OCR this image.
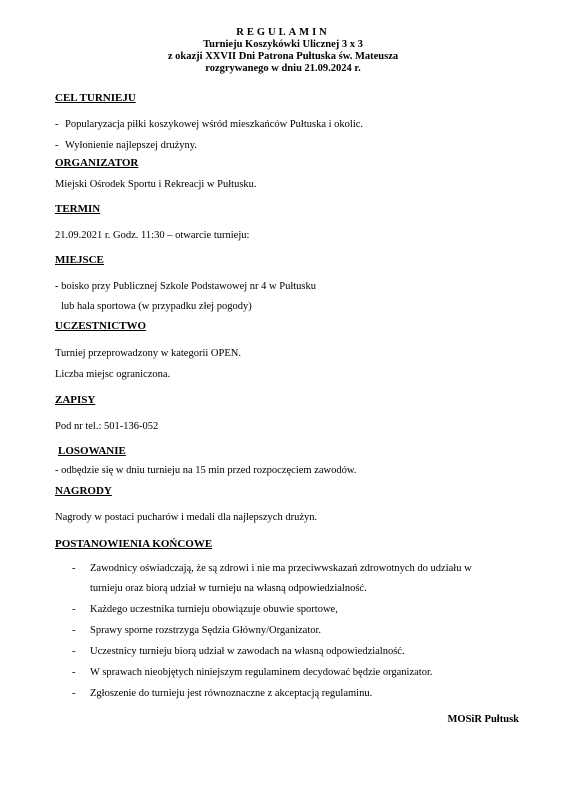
REGULAMIN
Turnieju Koszykówki Ulicznej 3 x 3
z okazji XXVII Dni Patrona Pułtuska św. Mateusza
rozgrywanego w dniu 21.09.2024 r.
CEL TURNIEJU
- Popularyzacja piłki koszykowej wśród mieszkańców Pułtuska i okolic.
- Wyłonienie najlepszej drużyny.
ORGANIZATOR
Miejski Ośrodek Sportu i Rekreacji w Pułtusku.
TERMIN
21.09.2021 r. Godz. 11:30 – otwarcie turnieju:
MIEJSCE
- boisko przy Publicznej Szkole Podstawowej nr 4 w Pułtusku
lub hala sportowa (w przypadku złej pogody)
UCZESTNICTWO
Turniej przeprowadzony w kategorii OPEN.
Liczba miejsc ograniczona.
ZAPISY
Pod nr tel.: 501-136-052
LOSOWANIE
- odbędzie się w dniu turnieju na 15 min przed rozpoczęciem zawodów.
NAGRODY
Nagrody w postaci pucharów i medali dla najlepszych drużyn.
POSTANOWIENIA KOŃCOWE
- Zawodnicy oświadczają, że są zdrowi i nie ma przeciwwskazań zdrowotnych do udziału w
turnieju oraz biorą udział w turnieju na własną odpowiedzialność.
- Każdego uczestnika turnieju obowiązuje obuwie sportowe,
- Sprawy sporne rozstrzyga Sędzia Główny/Organizator.
- Uczestnicy turnieju biorą udział w zawodach na własną odpowiedzialność.
- W sprawach nieobjętych niniejszym regulaminem decydować będzie organizator.
- Zgłoszenie do turnieju jest równoznaczne z akceptacją regulaminu.
MOSiR Pułtusk
